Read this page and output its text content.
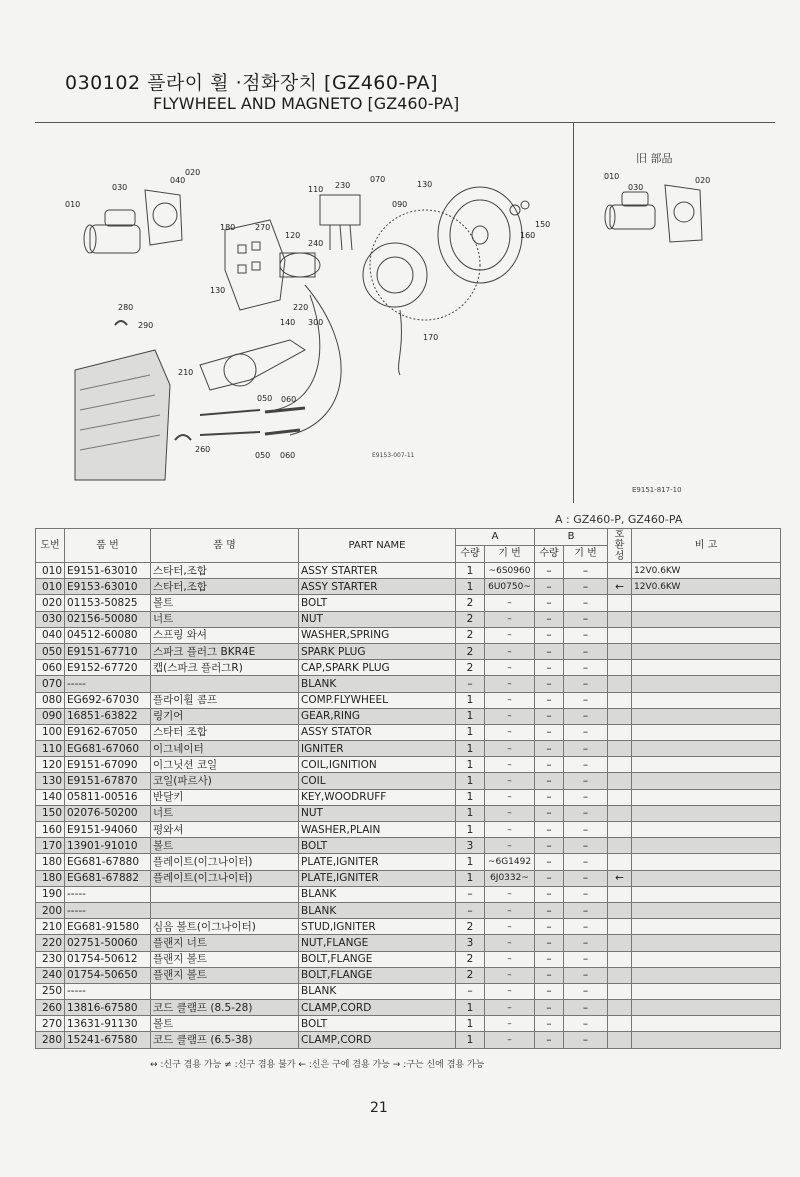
030102 플라이 휠 ·점화장치 [GZ460-PA]
FLYWHEEL AND MAGNETO [GZ460-PA]
010
030
040
020
070
130
230
110
090
120
180 270
240
150
160
130
220
140 300
170
280
290
210
050 060
260
050 060	E9153-007-11
旧 部品
010
030
020
E9151-817-10
A : GZ460-P, GZ460-PA
도번	품 번	품 명	PART NAME	A		B		호환성	비 고
				수량	기 번	수량	기 번		
010	E9151-63010	스타터,조합	ASSY STARTER	1	~6S0960	–	–		12V0.6KW
010	E9153-63010	스타터,조합	ASSY STARTER	1	6U0750~	–	–	←	12V0.6KW
020	01153-50825	볼트	BOLT	2	–	–	–		
030	02156-50080	너트	NUT	2	–	–	–		
040	04512-60080	스프링 와셔	WASHER,SPRING	2	–	–	–		
050	E9151-67710	스파크 플러그 BKR4E	SPARK PLUG	2	–	–	–		
060	E9152-67720	캡(스파크 플러그R)	CAP,SPARK PLUG	2	–	–	–		
070	-----		BLANK	–	–	–	–		
080	EG692-67030	플라이휠 콤프	COMP.FLYWHEEL	1	–	–	–		
090	16851-63822	링기어	GEAR,RING	1	–	–	–		
100	E9162-67050	스타터 조합	ASSY STATOR	1	–	–	–		
110	EG681-67060	이그네이터	IGNITER	1	–	–	–		
120	E9151-67090	이그닛션 코일	COIL,IGNITION	1	–	–	–		
130	E9151-67870	코일(파르사)	COIL	1	–	–	–		
140	05811-00516	반달키	KEY,WOODRUFF	1	–	–	–		
150	02076-50200	너트	NUT	1	–	–	–		
160	E9151-94060	평와셔	WASHER,PLAIN	1	–	–	–		
170	13901-91010	볼트	BOLT	3	–	–	–		
180	EG681-67880	플레이트(이그나이터)	PLATE,IGNITER	1	~6G1492	–	–		
180	EG681-67882	플레이트(이그나이터)	PLATE,IGNITER	1	6J0332~	–	–	←	
190	-----		BLANK	–	–	–	–		
200	-----		BLANK	–	–	–	–		
210	EG681-91580	심음 볼트(이그나이터)	STUD,IGNITER	2	–	–	–		
220	02751-50060	플랜지 너트	NUT,FLANGE	3	–	–	–		
230	01754-50612	플랜지 볼트	BOLT,FLANGE	2	–	–	–		
240	01754-50650	플랜지 볼트	BOLT,FLANGE	2	–	–	–		
250	-----		BLANK	–	–	–	–		
260	13816-67580	코드 클램프 (8.5-28)	CLAMP,CORD	1	–	–	–		
270	13631-91130	볼트	BOLT	1	–	–	–		
280	15241-67580	코드 클램프 (6.5-38)	CLAMP,CORD	1	–	–	–		
↔ :신구 겸용 가능 ≠ :신구 겸용 불가 ← :신은 구에 겸용 가능 → :구는 신에 겸용 가능
21
